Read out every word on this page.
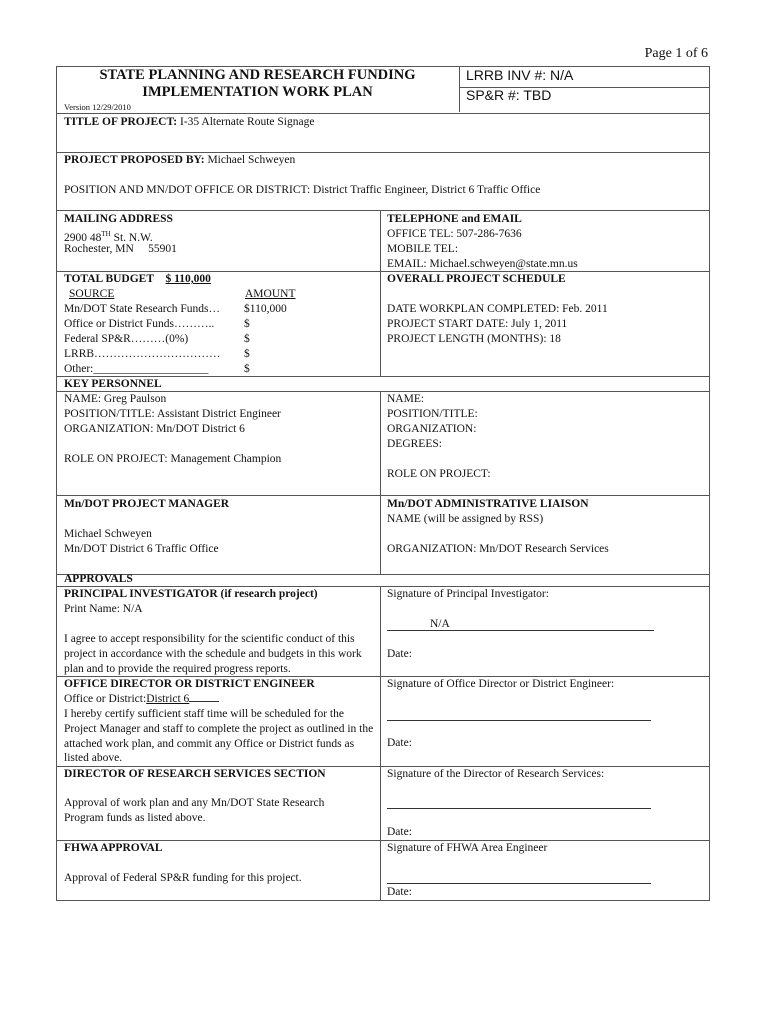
Page 1 of 6
STATE PLANNING AND RESEARCH FUNDING
IMPLEMENTATION WORK PLAN
Version 12/29/2010
LRRB INV #: N/A
SP&R #: TBD
TITLE OF PROJECT: I-35 Alternate Route Signage
PROJECT PROPOSED BY: Michael Schweyen
POSITION AND MN/DOT OFFICE OR DISTRICT: District Traffic Engineer, District 6 Traffic Office
MAILING ADDRESS
2900 48TH St. N.W.
Rochester, MN     55901
TELEPHONE and EMAIL
OFFICE TEL: 507-286-7636
MOBILE TEL:
EMAIL: Michael.schweyen@state.mn.us
TOTAL BUDGET $ 110,000
SOURCE	AMOUNT
Mn/DOT State Research Funds… $110,000
Office or District Funds………..	$
Federal SP&R………(0%)	$
LRRB…………………………… $
Other:____________________	$
OVERALL PROJECT SCHEDULE
DATE WORKPLAN COMPLETED: Feb. 2011
PROJECT START DATE: July 1, 2011
PROJECT LENGTH (MONTHS): 18
KEY PERSONNEL
NAME: Greg Paulson
POSITION/TITLE: Assistant District Engineer
ORGANIZATION: Mn/DOT District 6
ROLE ON PROJECT: Management Champion
NAME:
POSITION/TITLE:
ORGANIZATION:
DEGREES:
ROLE ON PROJECT:
Mn/DOT PROJECT MANAGER
Michael Schweyen
Mn/DOT District 6 Traffic Office
Mn/DOT ADMINISTRATIVE LIAISON
NAME (will be assigned by RSS)
ORGANIZATION: Mn/DOT Research Services
APPROVALS
PRINCIPAL INVESTIGATOR (if research project)
Print Name: N/A
I agree to accept responsibility for the scientific conduct of this project in accordance with the schedule and budgets in this work plan and to provide the required progress reports.
Signature of Principal Investigator:
N/A
Date:
OFFICE DIRECTOR OR DISTRICT ENGINEER
Office or District:District 6
I hereby certify sufficient staff time will be scheduled for the Project Manager and staff to complete the project as outlined in the attached work plan, and commit any Office or District funds as listed above.
Signature of Office Director or District Engineer:
Date:
DIRECTOR OF RESEARCH SERVICES SECTION
Approval of work plan and any Mn/DOT State Research Program funds as listed above.
Signature of the Director of Research Services:
Date:
FHWA APPROVAL
Approval of Federal SP&R funding for this project.
Signature of FHWA Area Engineer
Date:
